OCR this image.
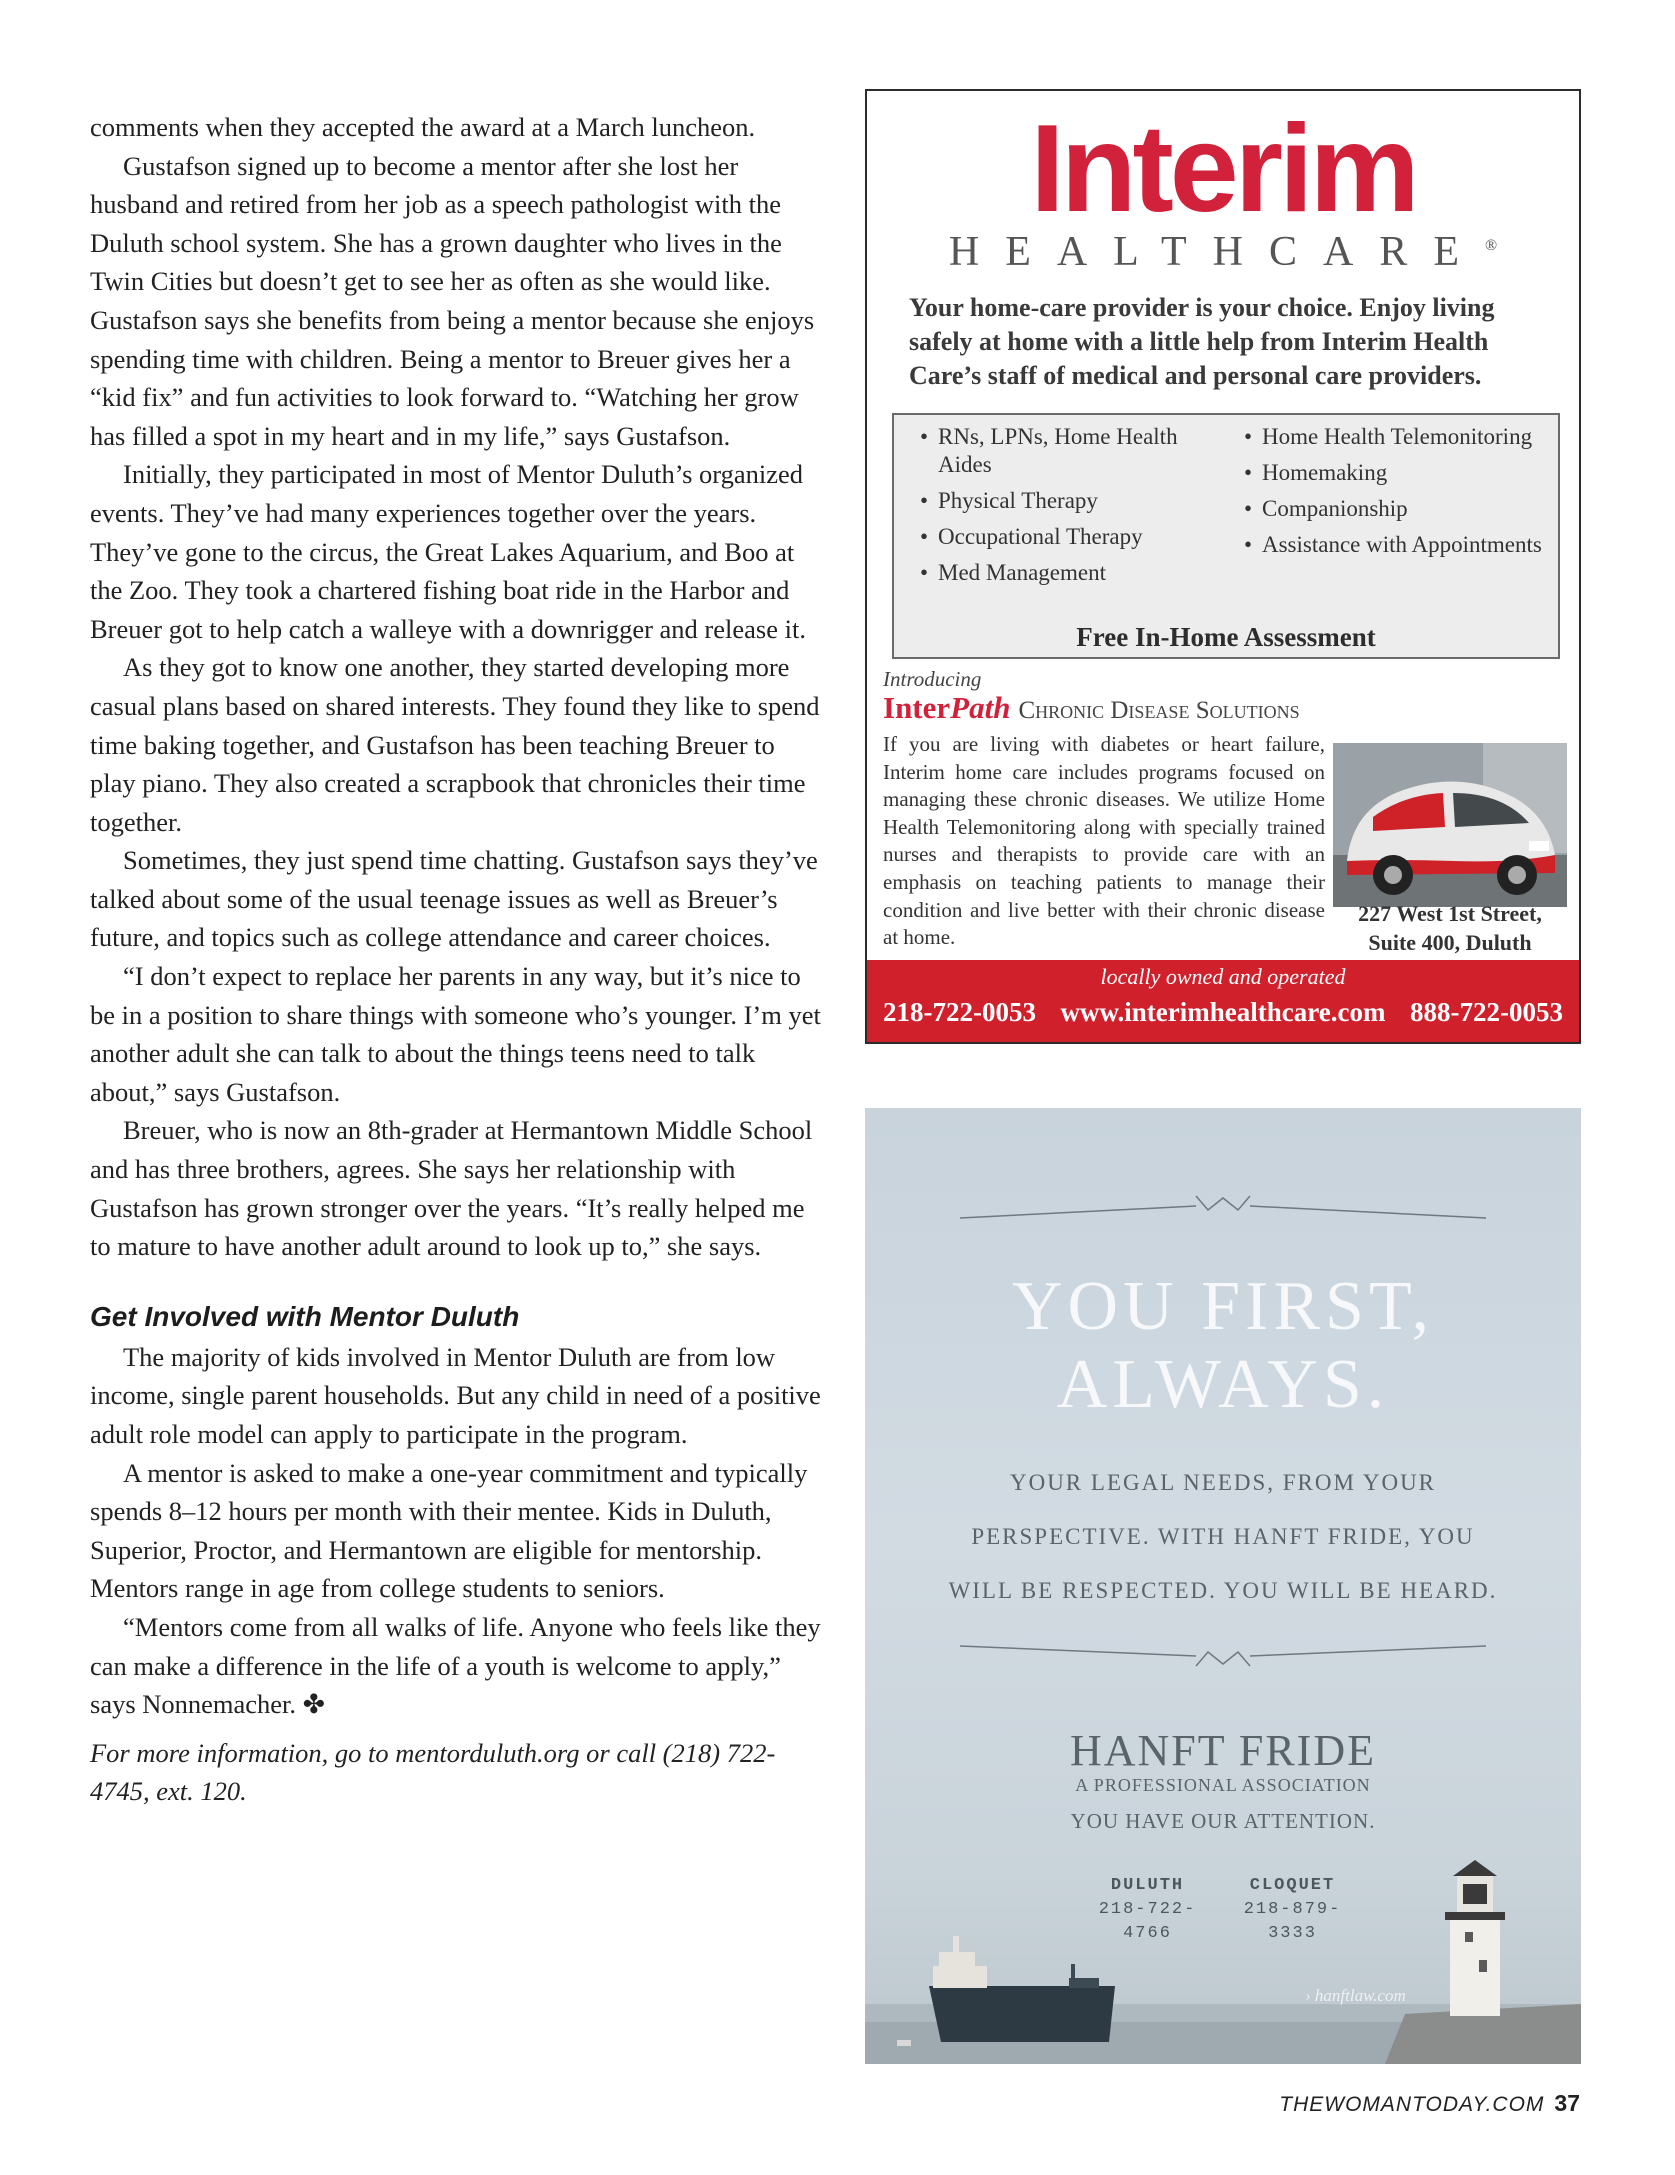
comments when they accepted the award at a March luncheon.

Gustafson signed up to become a mentor after she lost her husband and retired from her job as a speech pathologist with the Duluth school system. She has a grown daughter who lives in the Twin Cities but doesn’t get to see her as often as she would like. Gustafson says she benefits from being a mentor because she enjoys spending time with children. Being a mentor to Breuer gives her a “kid fix” and fun activities to look forward to. “Watching her grow has filled a spot in my heart and in my life,” says Gustafson.

Initially, they participated in most of Mentor Duluth’s organized events. They’ve had many experiences together over the years. They’ve gone to the circus, the Great Lakes Aquarium, and Boo at the Zoo. They took a chartered fishing boat ride in the Harbor and Breuer got to help catch a walleye with a downrigger and release it.

As they got to know one another, they started developing more casual plans based on shared interests. They found they like to spend time baking together, and Gustafson has been teaching Breuer to play piano. They also created a scrapbook that chronicles their time together.

Sometimes, they just spend time chatting. Gustafson says they’ve talked about some of the usual teenage issues as well as Breuer’s future, and topics such as college attendance and career choices.

“I don’t expect to replace her parents in any way, but it’s nice to be in a position to share things with someone who’s younger. I’m yet another adult she can talk to about the things teens need to talk about,” says Gustafson.

Breuer, who is now an 8th-grader at Hermantown Middle School and has three brothers, agrees. She says her relationship with Gustafson has grown stronger over the years. “It’s really helped me to mature to have another adult around to look up to,” she says.

Get Involved with Mentor Duluth

The majority of kids involved in Mentor Duluth are from low income, single parent households. But any child in need of a positive adult role model can apply to participate in the program.

A mentor is asked to make a one-year commitment and typically spends 8–12 hours per month with their mentee. Kids in Duluth, Superior, Proctor, and Hermantown are eligible for mentorship. Mentors range in age from college students to seniors.

“Mentors come from all walks of life. Anyone who feels like they can make a difference in the life of a youth is welcome to apply,” says Nonnemacher. ✤

For more information, go to mentorduluth.org or call (218) 722-4745, ext. 120.

Interim
HEALTHCARE®
Your home-care provider is your choice. Enjoy living safely at home with a little help from Interim Health Care’s staff of medical and personal care providers.
• RNs, LPNs, Home Health Aides
• Physical Therapy
• Occupational Therapy
• Med Management
• Home Health Telemonitoring
• Homemaking
• Companionship
• Assistance with Appointments
Free In-Home Assessment
Introducing
InterPath Chronic Disease Solutions
If you are living with diabetes or heart failure, Interim home care includes programs focused on managing these chronic diseases. We utilize Home Health Telemonitoring along with specially trained nurses and therapists to provide care with an emphasis on teaching patients to manage their condition and live better with their chronic disease at home.
227 West 1st Street,
Suite 400, Duluth
locally owned and operated
218-722-0053 www.interimhealthcare.com 888-722-0053
YOU FIRST,
ALWAYS.
YOUR LEGAL NEEDS, FROM YOUR
PERSPECTIVE. WITH HANFT FRIDE, YOU
WILL BE RESPECTED. YOU WILL BE HEARD.
HANFT FRIDE
A PROFESSIONAL ASSOCIATION
YOU HAVE OUR ATTENTION.
DULUTH
218-722-4766
CLOQUET
218-879-3333
› hanftlaw.com
THEWOMANTODAY.COM 37
